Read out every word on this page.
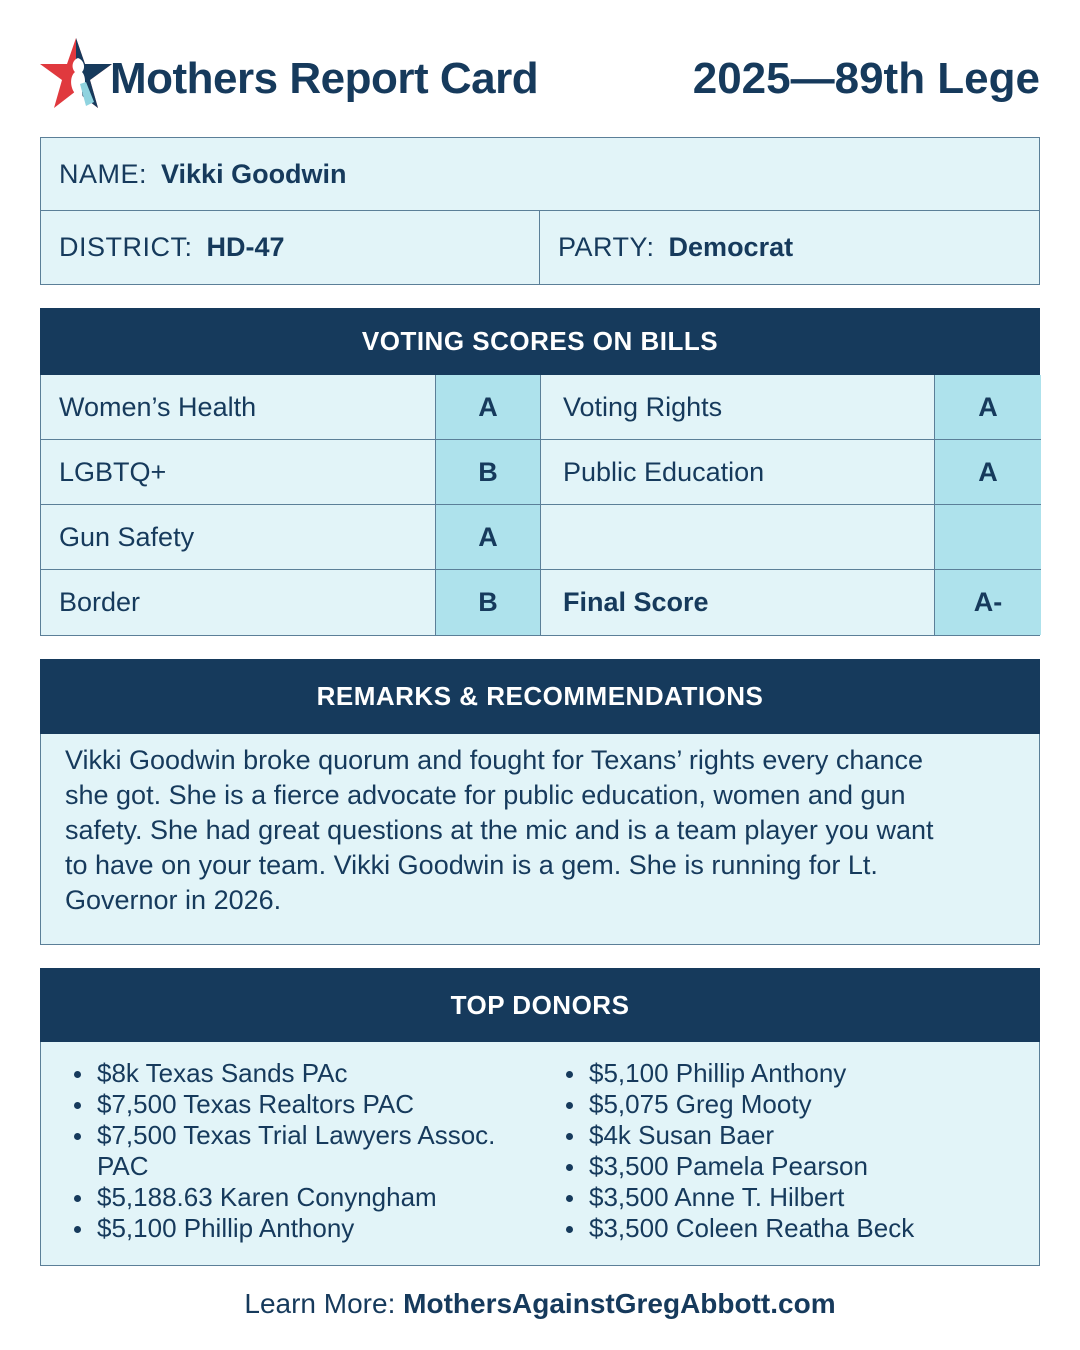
Mothers Report Card	2025—89th Lege
NAME: Vikki Goodwin
DISTRICT: HD-47	PARTY: Democrat
VOTING SCORES ON BILLS
Women’s Health	A	Voting Rights	A
LGBTQ+	B	Public Education	A
Gun Safety	A
Border	B	Final Score	A-
REMARKS & RECOMMENDATIONS
Vikki Goodwin broke quorum and fought for Texans’ rights every chance
she got. She is a fierce advocate for public education, women and gun
safety. She had great questions at the mic and is a team player you want
to have on your team. Vikki Goodwin is a gem. She is running for Lt.
Governor in 2026.
TOP DONORS
$8k Texas Sands PAc
$7,500 Texas Realtors PAC
$7,500 Texas Trial Lawyers Assoc. PAC
$5,188.63 Karen Conyngham
$5,100 Phillip Anthony
$5,100 Phillip Anthony
$5,075 Greg Mooty
$4k Susan Baer
$3,500 Pamela Pearson
$3,500 Anne T. Hilbert
$3,500 Coleen Reatha Beck
Learn More: MothersAgainstGregAbbott.com
